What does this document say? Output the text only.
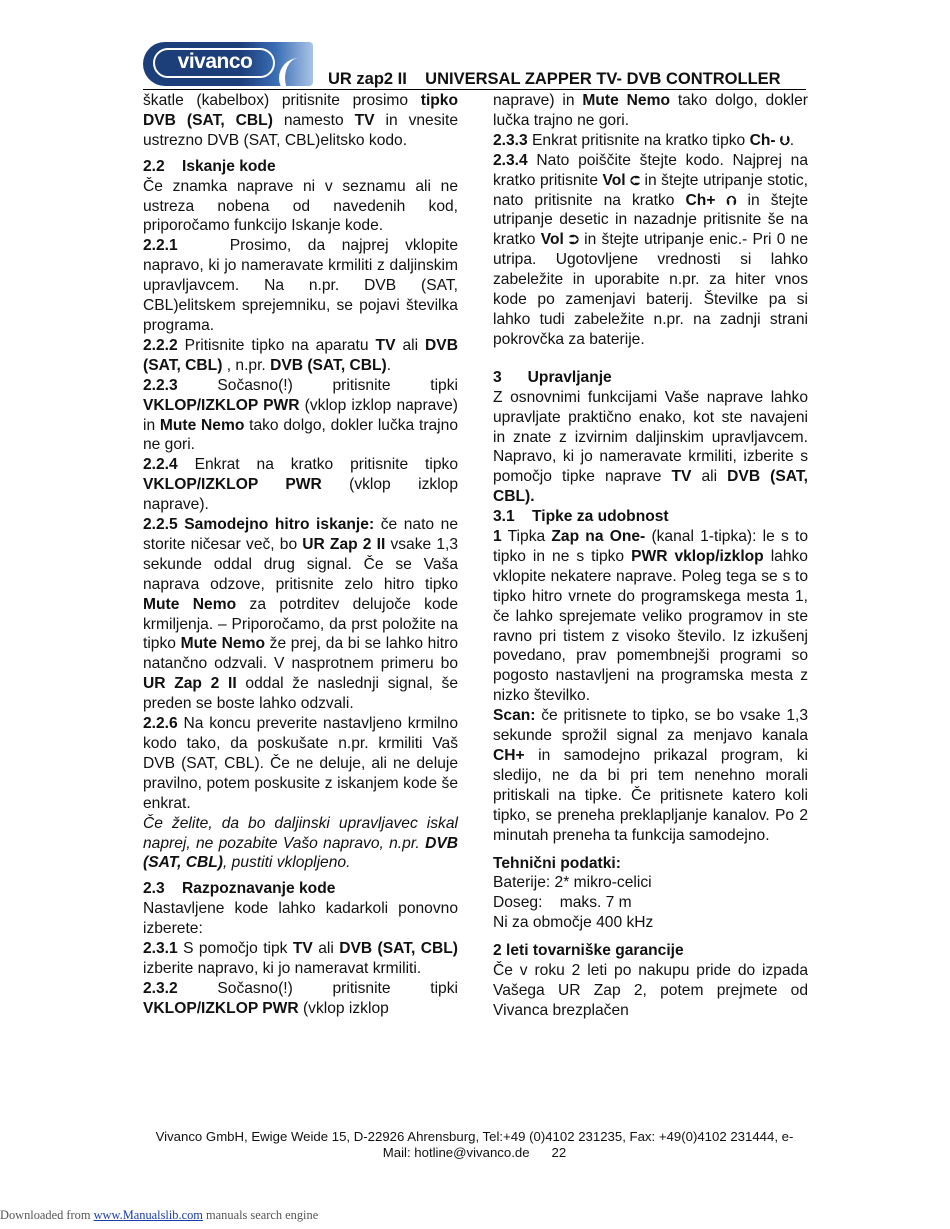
vivanco
UR zap2 II    UNIVERSAL ZAPPER TV- DVB CONTROLLER

škatle (kabelbox) pritisnite prosimo tipko DVB (SAT, CBL) namesto TV in vnesite ustrezno DVB (SAT, CBL)elitsko kodo.

2.2    Iskanje kode

Če znamka naprave ni v seznamu ali ne ustreza nobena od navedenih kod, priporočamo funkcijo Iskanje kode.

2.2.1	Prosimo, da najprej vklopite napravo, ki jo nameravate krmiliti z daljinskim upravljavcem. Na n.pr. DVB (SAT, CBL)elitskem sprejemniku, se pojavi številka programa.

2.2.2 Pritisnite tipko na aparatu TV ali DVB (SAT, CBL) , n.pr. DVB (SAT, CBL).

2.2.3 Sočasno(!) pritisnite tipki VKLOP/IZKLOP PWR (vklop izklop naprave) in Mute Nemo tako dolgo, dokler lučka trajno ne gori.

2.2.4 Enkrat na kratko pritisnite tipko VKLOP/IZKLOP PWR (vklop izklop naprave).

2.2.5 Samodejno hitro iskanje: če nato ne storite ničesar več, bo UR Zap 2 II vsake 1,3 sekunde oddal drug signal. Če se Vaša naprava odzove, pritisnite zelo hitro tipko Mute Nemo za potrditev delujoče kode krmiljenja. – Priporočamo, da prst položite na tipko Mute Nemo že prej, da bi se lahko hitro natančno odzvali. V nasprotnem primeru bo UR Zap 2 II oddal že naslednji signal, še preden se boste lahko odzvali.

2.2.6 Na koncu preverite nastavljeno krmilno kodo tako, da poskušate n.pr. krmiliti Vaš DVB (SAT, CBL). Če ne deluje, ali ne deluje pravilno, potem poskusite z iskanjem kode še enkrat.

Če želite, da bo daljinski upravljavec iskal naprej, ne pozabite Vašo napravo, n.pr. DVB (SAT, CBL), pustiti vklopljeno.

2.3    Razpoznavanje kode

Nastavljene kode lahko kadarkoli ponovno izberete:

2.3.1 S pomočjo tipk TV ali DVB (SAT, CBL) izberite napravo, ki jo nameravat krmiliti.

2.3.2 Sočasno(!) pritisnite tipki VKLOP/IZKLOP PWR (vklop izklop

naprave) in Mute Nemo tako dolgo, dokler lučka trajno ne gori.

2.3.3 Enkrat pritisnite na kratko tipko Ch- ⮋.

2.3.4 Nato poiščite štejte kodo. Najprej na kratko pritisnite Vol ⮈ in štejte utripanje stotic, nato pritisnite na kratko Ch+ ⮉ in štejte utripanje desetic in nazadnje pritisnite še na kratko Vol ⮊ in štejte utripanje enic.- Pri 0 ne utripa. Ugotovljene vrednosti si lahko zabeležite in uporabite n.pr. za hiter vnos kode po zamenjavi baterij. Številke pa si lahko tudi zabeležite n.pr. na zadnji strani pokrovčka za baterije.

3      Upravljanje

Z osnovnimi funkcijami Vaše naprave lahko upravljate praktično enako, kot ste navajeni in znate z izvirnim daljinskim upravljavcem. Napravo, ki jo nameravate krmiliti, izberite s pomočjo tipke naprave TV ali DVB (SAT, CBL).

3.1    Tipke za udobnost

1 Tipka Zap na One- (kanal 1-tipka): le s to tipko in ne s tipko PWR vklop/izklop lahko vklopite nekatere naprave. Poleg tega se s to tipko hitro vrnete do programskega mesta 1, če lahko sprejemate veliko programov in ste ravno pri tistem z visoko število. Iz izkušenj povedano, prav pomembnejši programi so pogosto nastavljeni na programska mesta z nizko številko.

Scan: če pritisnete to tipko, se bo vsake 1,3 sekunde sprožil signal za menjavo kanala CH+ in samodejno prikazal program, ki sledijo, ne da bi pri tem nenehno morali pritiskali na tipke. Če pritisnete katero koli tipko, se preneha preklapljanje kanalov. Po 2 minutah preneha ta funkcija samodejno.

Tehnični podatki:

Baterije: 2* mikro-celici

Doseg:    maks. 7 m

Ni za območje 400 kHz

2 leti tovarniške garancije

Če v roku 2 leti po nakupu pride do izpada Vašega UR Zap 2, potem prejmete od Vivanca brezplačen

Vivanco GmbH, Ewige Weide 15, D-22926 Ahrensburg, Tel:+49 (0)4102 231235, Fax: +49(0)4102 231444, e-
Mail: hotline@vivanco.de      22
Downloaded from www.Manualslib.com manuals search engine
